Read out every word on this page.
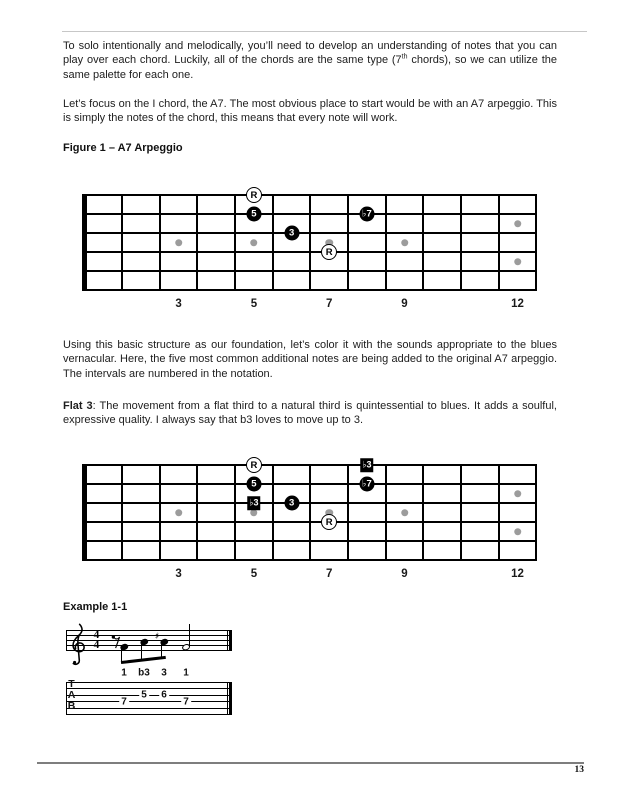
To solo intentionally and melodically, you’ll need to develop an understanding of notes that you can play over each chord. Luckily, all of the chords are the same type (7th chords), so we can utilize the same palette for each one.

Let’s focus on the I chord, the A7. The most obvious place to start would be with an A7 arpeggio. This is simply the notes of the chord, this means that every note will work.

Figure 1 – A7 Arpeggio
R
5	♭7
3
R
3	5	7	9	12

Using this basic structure as our foundation, let’s color it with the sounds appropriate to the blues vernacular. Here, the five most common additional notes are being added to the original A7 arpeggio. The intervals are numbered in the notation.

Flat 3: The movement from a flat third to a natural third is quintessential to blues. It adds a soulful, expressive quality. I always say that b3 loves to move up to 3.

R	♭3
5	♭7
♭3	3
R
3	5	7	9	12
Example 1-1
4
4
1
7
b3
5
♯
3
6
1
7
T
A
B
13
